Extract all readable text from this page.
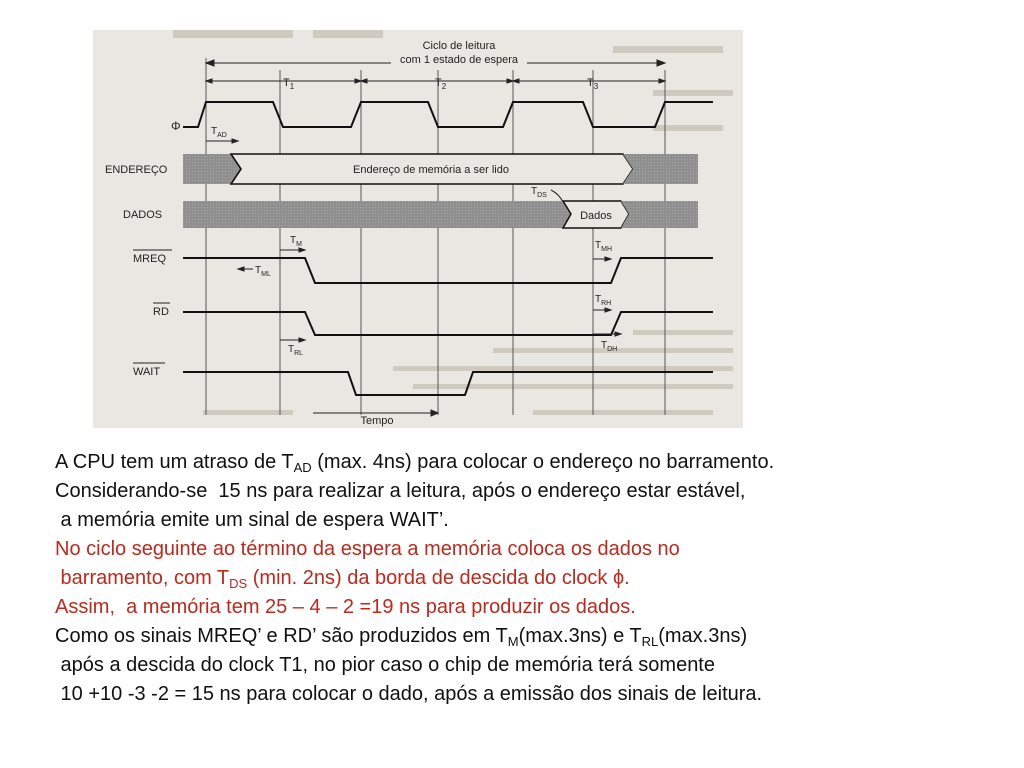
Ciclo de leitura
com 1 estado de espera
$T_1$	$T_2$	$T_3$
Φ	$T_{AD}$
ENDEREÇO	Endereço de memória a ser lido
$T_{DS}$
DADOS	Dados
MREQ
$T_M$
$T_{ML}$
$T_{MH}$
RD
$T_{RH}$
$T_{RL}$
$T_{DH}$
WAIT
Tempo
A CPU tem um atraso de $T_{AD}$ (max. 4ns) para colocar o endereço no barramento.
Considerando-se  15 ns para realizar a leitura, após o endereço estar estável,
a memória emite um sinal de espera WAIT’.
No ciclo seguinte ao término da espera a memória coloca os dados no
barramento, com $T_{DS}$ (min. 2ns) da borda de descida do clock ϕ.
Assim,  a memória tem 25 – 4 – 2 =19 ns para produzir os dados.
Como os sinais MREQ’ e RD’ são produzidos em $T_M(\max.3ns)$ e $T_{RL}(\max.3ns)$
após a descida do clock T1, no pior caso o chip de memória terá somente
10 +10 -3 -2 = 15 ns para colocar o dado, após a emissão dos sinais de leitura.
